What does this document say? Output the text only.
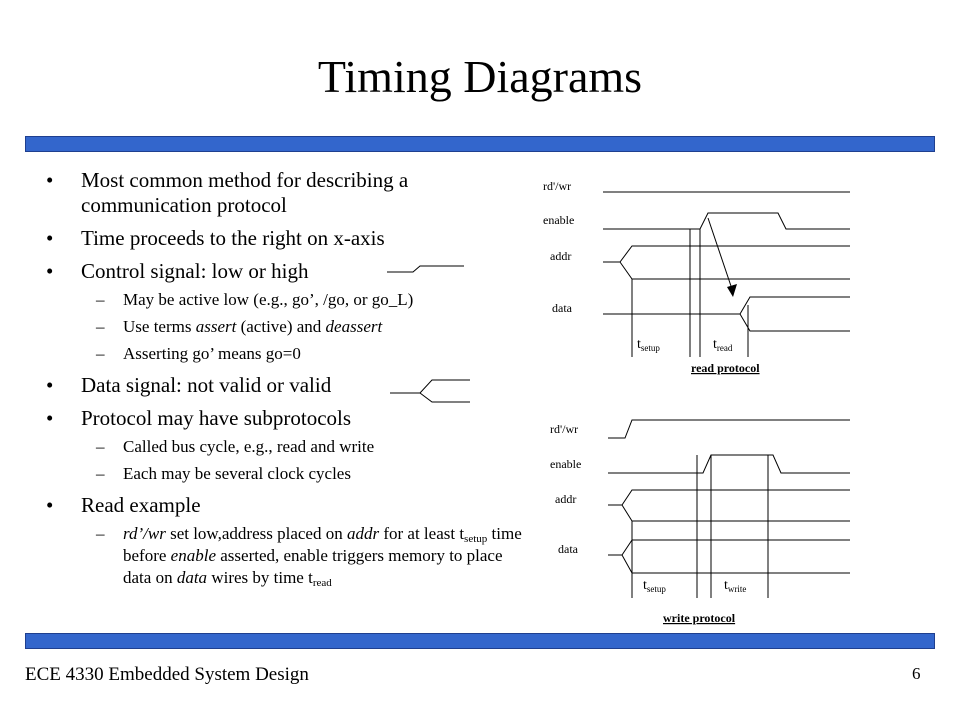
Timing Diagrams
• Most common method for describing a communication protocol
• Time proceeds to the right on x-axis
• Control signal: low or high
– May be active low (e.g., go’, /go, or go_L)
– Use terms assert (active) and deassert
– Asserting go’ means go=0
• Data signal: not valid or valid
• Protocol may have subprotocols
– Called bus cycle, e.g., read and write
– Each may be several clock cycles
• Read example
– rd’/wr set low,address placed on addr for at least $t_{setup}$ time before enable asserted, enable triggers memory to place data on data wires by time $t_{read}$
rd'/wr
enable
addr
data
$t_{setup}$	$t_{read}$
read protocol
rd'/wr
enable
addr
data
$t_{setup}$	$t_{write}$
write protocol
ECE 4330 Embedded System Design	6
